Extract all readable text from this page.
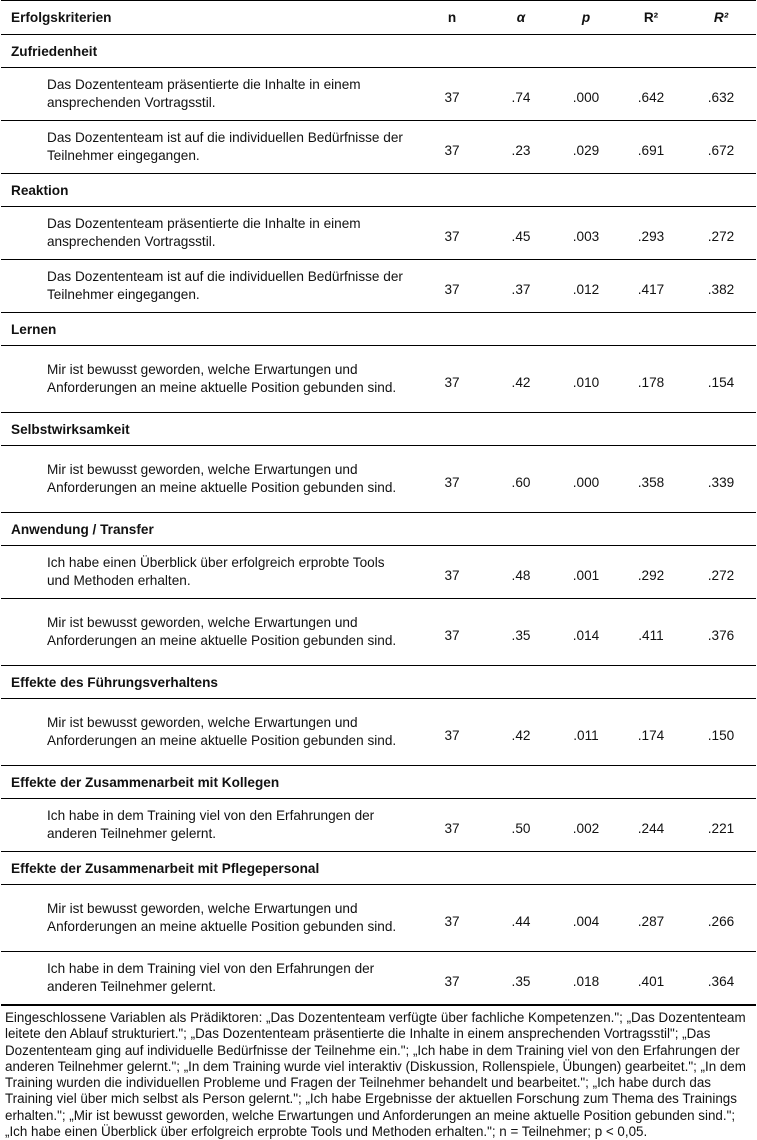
Erfolgskriterien	n	α	p	R²	R²
Zufriedenheit					
Das Dozententeam präsentierte die Inhalte in einem ansprechenden Vortragsstil.	37	.74	.000	.642	.632
Das Dozententeam ist auf die individuellen Bedürfnisse der Teilnehmer eingegangen.	37	.23	.029	.691	.672
Reaktion					
Das Dozententeam präsentierte die Inhalte in einem ansprechenden Vortragsstil.	37	.45	.003	.293	.272
Das Dozententeam ist auf die individuellen Bedürfnisse der Teilnehmer eingegangen.	37	.37	.012	.417	.382
Lernen					
Mir ist bewusst geworden, welche Erwartungen und Anforderungen an meine aktuelle Position gebunden sind.	37	.42	.010	.178	.154
Selbstwirksamkeit					
Mir ist bewusst geworden, welche Erwartungen und Anforderungen an meine aktuelle Position gebunden sind.	37	.60	.000	.358	.339
Anwendung / Transfer					
Ich habe einen Überblick über erfolgreich erprobte Tools und Methoden erhalten.	37	.48	.001	.292	.272
Mir ist bewusst geworden, welche Erwartungen und Anforderungen an meine aktuelle Position gebunden sind.	37	.35	.014	.411	.376
Effekte des Führungsverhaltens					
Mir ist bewusst geworden, welche Erwartungen und Anforderungen an meine aktuelle Position gebunden sind.	37	.42	.011	.174	.150
Effekte der Zusammenarbeit mit Kollegen					
Ich habe in dem Training viel von den Erfahrungen der anderen Teilnehmer gelernt.	37	.50	.002	.244	.221
Effekte der Zusammenarbeit mit Pflegepersonal					
Mir ist bewusst geworden, welche Erwartungen und Anforderungen an meine aktuelle Position gebunden sind.	37	.44	.004	.287	.266
Ich habe in dem Training viel von den Erfahrungen der anderen Teilnehmer gelernt.	37	.35	.018	.401	.364
Eingeschlossene Variablen als Prädiktoren: „Das Dozententeam verfügte über fachliche Kompetenzen."; „Das Dozententeam leitete den Ablauf strukturiert."; „Das Dozententeam präsentierte die Inhalte in einem ansprechenden Vortragsstil"; „Das Dozententeam ging auf individuelle Bedürfnisse der Teilnehme ein."; „Ich habe in dem Training viel von den Erfahrungen der anderen Teilnehmer gelernt."; „In dem Training wurde viel interaktiv (Diskussion, Rollenspiele, Übungen) gearbeitet."; „In dem Training wurden die individuellen Probleme und Fragen der Teilnehmer behandelt und bearbeitet."; „Ich habe durch das Training viel über mich selbst als Person gelernt."; „Ich habe Ergebnisse der aktuellen Forschung zum Thema des Trainings erhalten."; „Mir ist bewusst geworden, welche Erwartungen und Anforderungen an meine aktuelle Position gebunden sind."; „Ich habe einen Überblick über erfolgreich erprobte Tools und Methoden erhalten."; n = Teilnehmer; p < 0,05.
